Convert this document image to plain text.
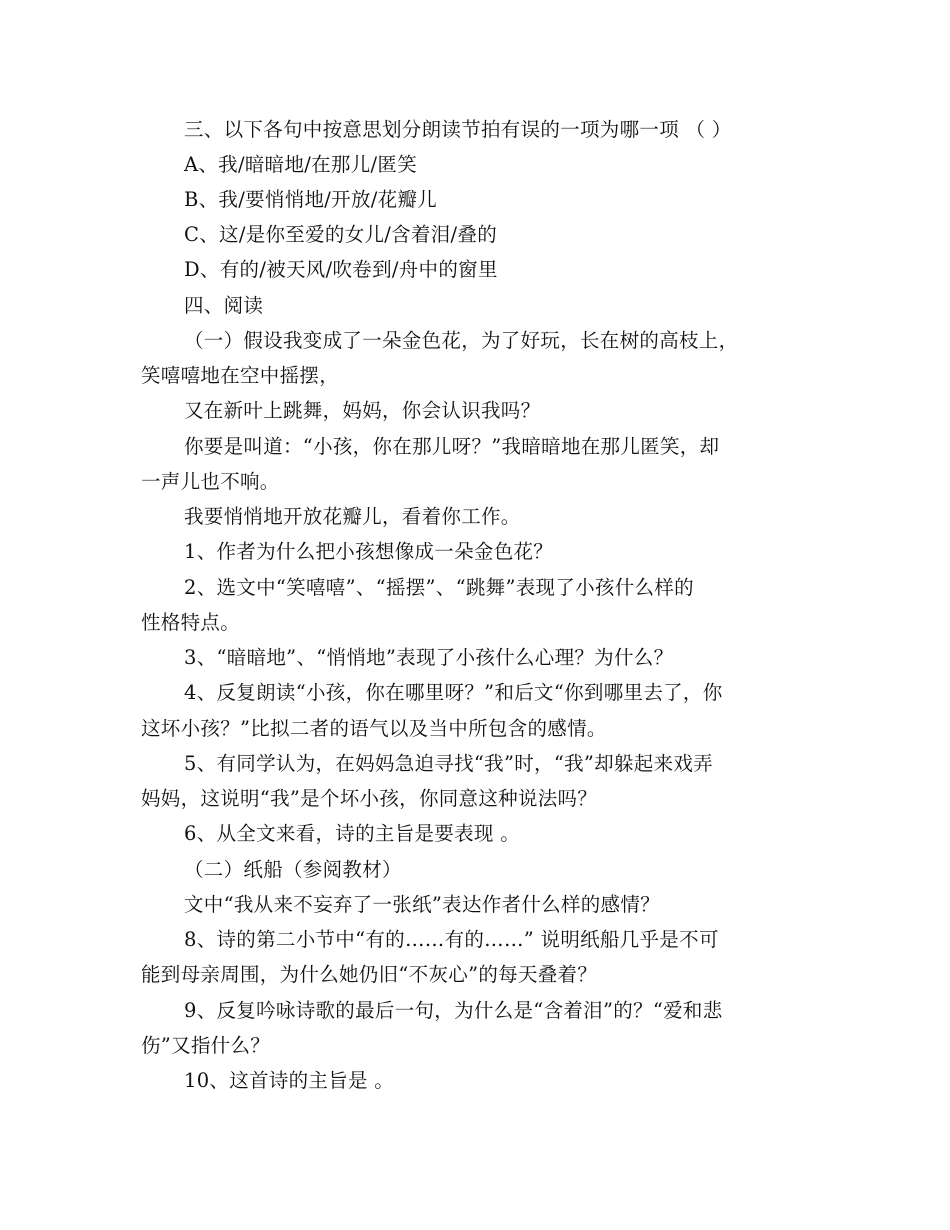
三、以下各句中按意思划分朗读节拍有误的一项为哪一项 （ ）
A、我/暗暗地/在那儿/匿笑
B、我/要悄悄地/开放/花瓣儿
C、这/是你至爱的女儿/含着泪/叠的
D、有的/被天风/吹卷到/舟中的窗里
四、阅读
（一）假设我变成了一朵金色花，为了好玩，长在树的高枝上，
笑嘻嘻地在空中摇摆，
又在新叶上跳舞，妈妈，你会认识我吗？
你要是叫道：“小孩，你在那儿呀？”我暗暗地在那儿匿笑，却
一声儿也不响。
我要悄悄地开放花瓣儿，看着你工作。
1、作者为什么把小孩想像成一朵金色花？
2、选文中“笑嘻嘻”、“摇摆”、“跳舞”表现了小孩什么样的
性格特点。
3、“暗暗地”、“悄悄地”表现了小孩什么心理？为什么？
4、反复朗读“小孩，你在哪里呀？”和后文“你到哪里去了，你
这坏小孩？”比拟二者的语气以及当中所包含的感情。
5、有同学认为，在妈妈急迫寻找“我”时，“我”却躲起来戏弄
妈妈，这说明“我”是个坏小孩，你同意这种说法吗？
6、从全文来看，诗的主旨是要表现 。
（二）纸船（参阅教材）
文中“我从来不妄弃了一张纸”表达作者什么样的感情？
8、诗的第二小节中“有的……有的……” 说明纸船几乎是不可
能到母亲周围，为什么她仍旧“不灰心”的每天叠着？
9、反复吟咏诗歌的最后一句，为什么是“含着泪”的？“爱和悲
伤”又指什么？
10、这首诗的主旨是 。
